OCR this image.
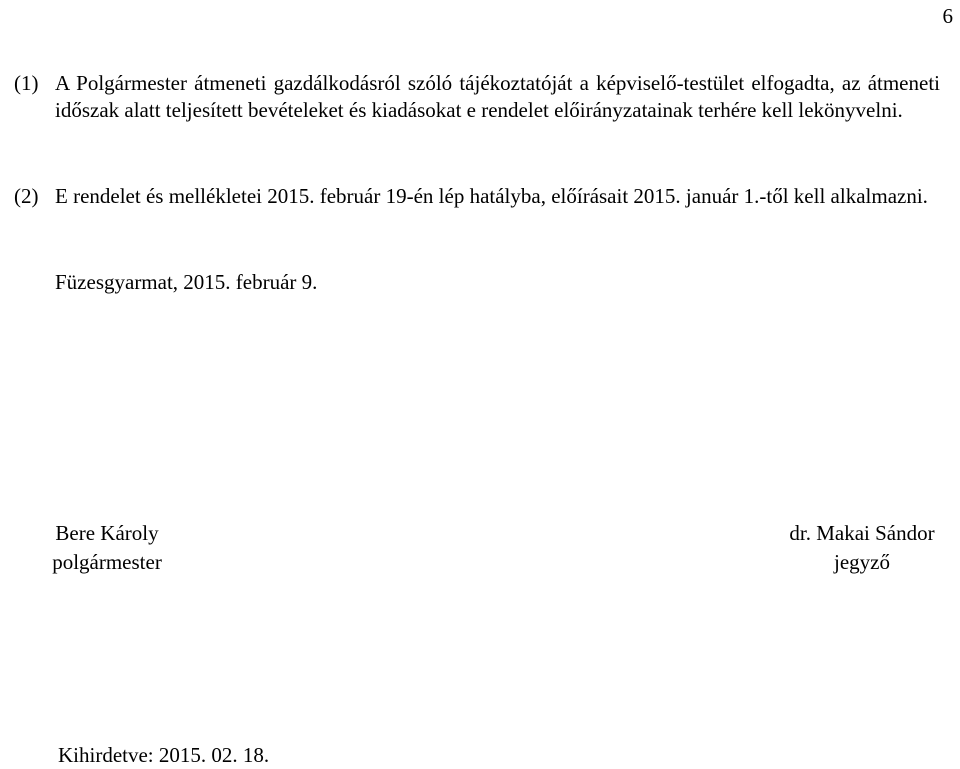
6
(1) A Polgármester átmeneti gazdálkodásról szóló tájékoztatóját a képviselő-testület elfogadta, az átmeneti időszak alatt teljesített bevételeket és kiadásokat e rendelet előirányzatainak terhére kell lekönyvelni.
(2) E rendelet és mellékletei 2015. február 19-én lép hatályba, előírásait 2015. január 1.-től kell alkalmazni.
Füzesgyarmat, 2015. február 9.
Bere Károly
polgármester
dr. Makai Sándor
jegyző
Kihirdetve: 2015. 02. 18.
